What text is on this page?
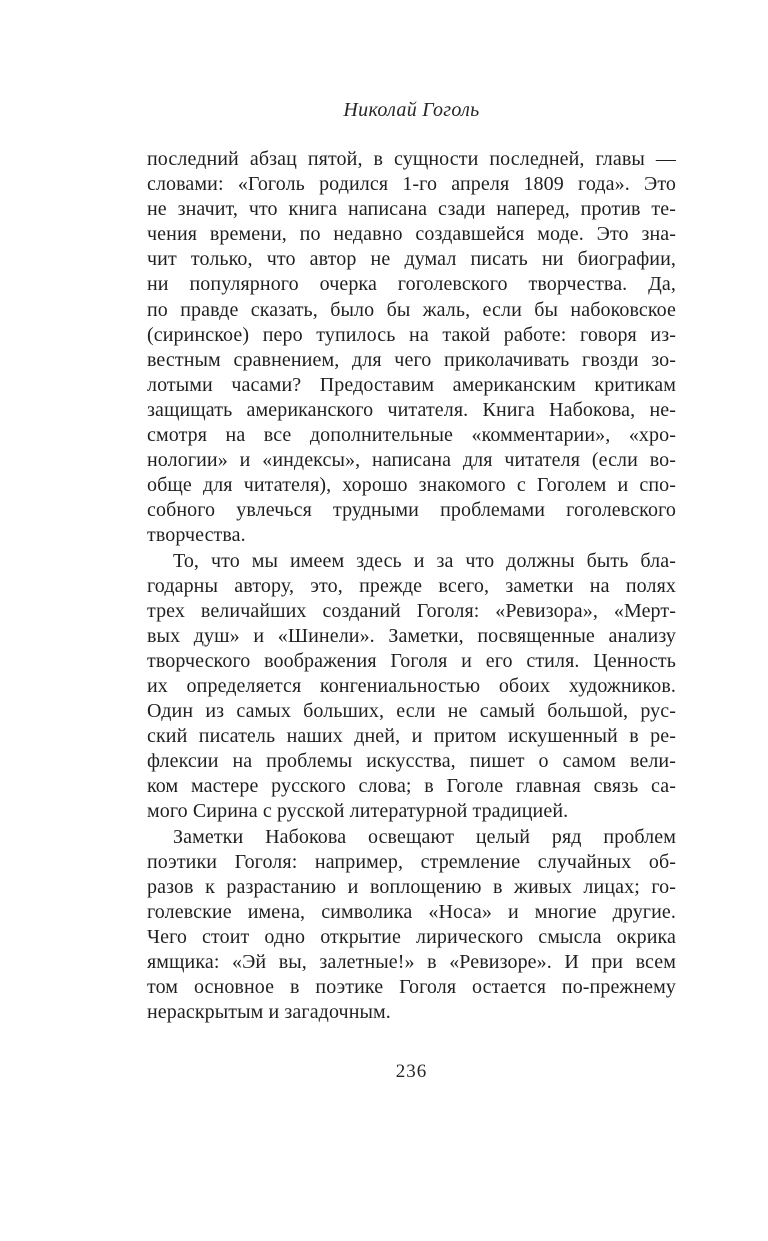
Николай Гоголь
последний абзац пятой, в сущности последней, главы —
словами: «Гоголь родился 1-го апреля 1809 года». Это
не значит, что книга написана сзади наперед, против те-
чения времени, по недавно создавшейся моде. Это зна-
чит только, что автор не думал писать ни биографии,
ни популярного очерка гоголевского творчества. Да,
по правде сказать, было бы жаль, если бы набоковское
(сиринское) перо тупилось на такой работе: говоря из-
вестным сравнением, для чего приколачивать гвозди зо-
лотыми часами? Предоставим американским критикам
защищать американского читателя. Книга Набокова, не-
смотря на все дополнительные «комментарии», «хро-
нологии» и «индексы», написана для читателя (если во-
обще для читателя), хорошо знакомого с Гоголем и спо-
собного увлечься трудными проблемами гоголевского
творчества.
То, что мы имеем здесь и за что должны быть бла-
годарны автору, это, прежде всего, заметки на полях
трех величайших созданий Гоголя: «Ревизора», «Мерт-
вых душ» и «Шинели». Заметки, посвященные анализу
творческого воображения Гоголя и его стиля. Ценность
их определяется конгениальностью обоих художников.
Один из самых больших, если не самый большой, рус-
ский писатель наших дней, и притом искушенный в ре-
флексии на проблемы искусства, пишет о самом вели-
ком мастере русского слова; в Гоголе главная связь са-
мого Сирина с русской литературной традицией.
Заметки Набокова освещают целый ряд проблем
поэтики Гоголя: например, стремление случайных об-
разов к разрастанию и воплощению в живых лицах; го-
голевские имена, символика «Носа» и многие другие.
Чего стоит одно открытие лирического смысла окрика
ямщика: «Эй вы, залетные!» в «Ревизоре». И при всем
том основное в поэтике Гоголя остается по-прежнему
нераскрытым и загадочным.
236
